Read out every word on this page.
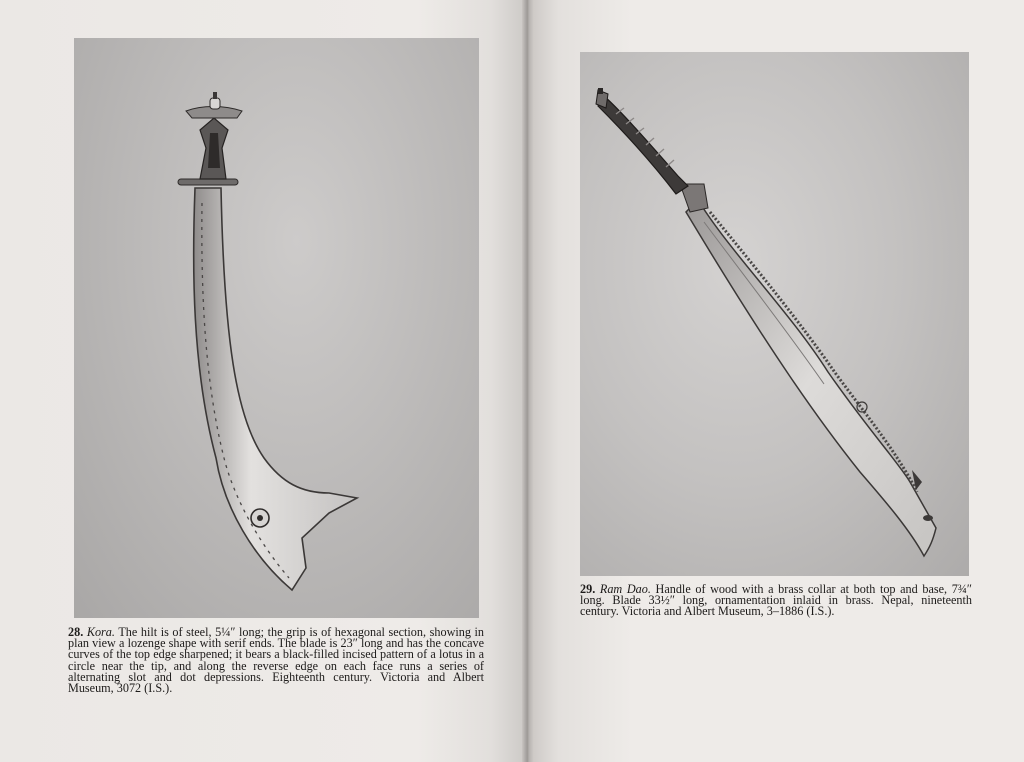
28. Kora. The hilt is of steel, 5¼″ long; the grip is of hexagonal section, showing in plan view a lozenge shape with serif ends. The blade is 23″ long and has the concave curves of the top edge sharpened; it bears a black-filled incised pattern of a lotus in a circle near the tip, and along the reverse edge on each face runs a series of alternating slot and dot depressions. Eighteenth century. Victoria and Albert Museum, 3072 (I.S.).
29. Ram Dao. Handle of wood with a brass collar at both top and base, 7¾″ long. Blade 33½″ long, ornamentation inlaid in brass. Nepal, nineteenth century. Victoria and Albert Museum, 3–1886 (I.S.).
